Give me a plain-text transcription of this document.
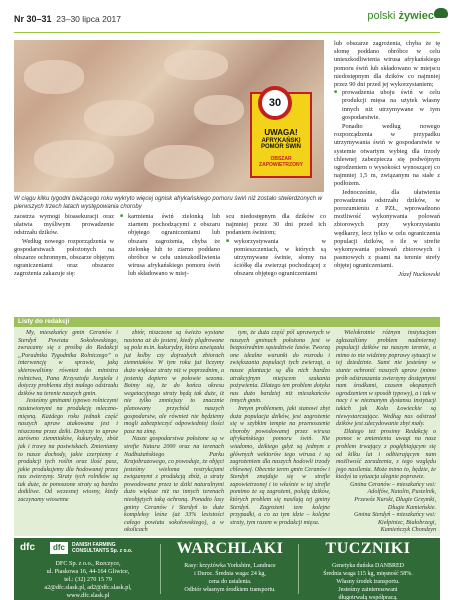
Nr 30–31 23–30 lipca 2017	polski żywiec
30
UWAGA!
AFRYKAŃSKI POMÓR ŚWIŃ
OBSZAR ZAPOWIETRZONY
W ciągu kilku tygodni bieżącego roku wykryto więcej ognisk afrykańskiego pomoru świń niż zostało stwierdzonych w pierwszych trzech latach występowania choroby

lub obszarze zagrożenia, chyba że tę słomę poddano obróbce w celu unieszkodliwienia wirusa afrykańskiego pomoru świń lub składowano w miejscu niedostępnym dla dzików co najmniej przez 90 dni przed jej wykorzystaniem;

■ prowadzenia uboju świń w celu produkcji mięsa na użytek własny innych niż utrzymywane w tym gospodarstwie.

Ponadto według nowego rozporządzenia w przypadku utrzymywania świń w gospodarstwie w systemie otwartym wybieg dla trzody chlewnej zabezpiecza się podwójnym ogrodzeniem o wysokości wynoszącej co najmniej 1,5 m, związanym na stałe z podłożem.

Jednocześnie, dla ułatwienia prowadzenia odstrzału dzików, w porozumieniu z PZŁ, wprowadzono możliwość wykonywania polowań zbiorowych przy wykorzystaniu wędkarzy, lecz tylko w celu ograniczenia populacji dzików, o ile w strefie wykonywania polowań zbiorowych i pasmowych z psami na terenie strefy objętej ograniczeniami.

Józef Nuckowski

zaostrza wymogi bioasekuracji oraz ułatwia myśliwym prowadzenie odstrzału dzików.

Według nowego rozporządzenia w gospodarstwach położonych na obszarze ochronnym, obszarze objętym ograniczeniami oraz obszarze zagrożenia zakazuje się:

■ karmienia świń zielonką lub ziarnem pochodzącymi z obszaru objętego ograniczeniami lub obszaru zagrożenia, chyba że zielonkę lub to ziarno poddano obróbce w celu unieszkodliwienia wirusa afrykańskiego pomoru świń lub składowano w miej-

scu niedostępnym dla dzików co najmniej przez 30 dni przed ich podaniem świniom;

■ wykorzystywania w pomieszczeniach, w których są utrzymywane świnie, słomy na ściółkę dla zwierząt pochodzącej z obszaru objętego ograniczeniami
Listy do redakcji

My, mieszkańcy gmin Ceranów i Sterdyń Powiatu Sokołowskiego, zwracamy się z prośbą do Redakcji „Poradnika Tygodnika Rolniczego” o interwencję w sprawie, jaką skierowaliśmy również do ministra rolnictwa, Pana Krzysztofa Jurgiela i dotyczy problemu zbyt małego odstrzału dzików na terenie naszych gmin.

Jesteśmy gminami typowo rolniczymi nastawionymi na produkcję mleczno-mięsną. Każdego roku jednak część naszych upraw atakowana jest i niszczona przez dziki. Dotyczy to upraw zarówno ziemniaków, kukurydzy, zbóż jak i trawy na pastwiskach. Zmieniamy to nasze dochody, jakie czerpiemy z produkcji tych roślin oraz ilość pasz, jakie produkujemy dla hodowanej przez nas zwierzyny. Straty tych rolników są tak duże, że ponoszone straty są bardzo dotkliwe. Od wczesnej wiosny, kiedy zaczynamy wiosenne

zbiór, niszczone są świeżo wysiane nasiona aż do jesieni, kiedy plądrowane są pola m.in. kukurydzy, która zawiązała już kolby czy dojrzałych zbiorach ziemniaków. W tym roku już liczymy dużo większe straty niż w poprzednim, a jesienią dopiero w połowie sezonu. Boimy się, że do końca okresu wegetacyjnego straty będą tak duże, iż nie tylko zmniejszy to znacznie planowany przychód naszych gospodarstw, ale również nie będziemy mogli zabezpieczyć odpowiedniej ilości pasz na zimę.

Nasze gospodarstwa położone są w strefie Natura 2000 oraz na terenach Nadbużańskiego Parku Krajobrazowego, co powoduje, że objęci jesteśmy wieloma restrykcjami związanymi z produkcją zbóż, a straty powodowane przez te dziki naturalnymi dużo większe niż na innych terenach nieobjętych taką ochroną. Ponadto lasy gminy Ceranów i Sterdyń to duże kompleksy leśne (aż 33% lesistości całego powiatu sokołowskiego), a w okolicach

tym, że duża część pól uprawnych w naszych gminach położona jest w bezpośrednim sąsiedztwie lasów. Tworzą one idealne warunki do rozrodu i zwiększania populacji tych zwierząt, a nasze plantacje są dla nich bardzo atrakcyjnym miejscem szukania pożywienia. Dlatego ten problem dotyka nas dużo bardziej niż mieszkańców innych gmin.

Innym problemem, jaki stanowi zbyt duża populacja dzików, jest zagrożenie się w szybkim tempie na przenoszenie choroby powodowanej przez wirusa afrykańskiego pomoru świń. Nie wiadomo, dzikiego gdyż są jednym z głównych wektorów tego wirusa i są zagrożeniem dla naszych hodowli trzody chlewnej. Obecnie teren gmin Ceranów i Sterdyń znajduje się w strefie zapowietrzonej i to właśnie w tej strefie pomimo że są zagrożeni, polują dzików, których problem się nasilają tej gminy Sterdyń. Zagrożeni tem kolejne przypadki, a co za tym idzie – kolejne straty, tym razem w produkcji mięsa.

Wielokrotnie różnym instytucjom zgłaszaliśmy problem nadmiernej populacji dzików na naszym terenie, a mimo to nie widzimy poprawy sytuacji w tej dziedzinie. Sami nie jesteśmy w stanie ochronić naszych upraw (mimo prób odstraszania zwierzyny dostępnymi nam środkami, czasem okopanych ogrodzeniem w sposób typowy), a i tak w nocy i w nieznanym dystansu instytucji takich jak Koła Łowieckie są niewystarczające. Według nas odstrzał dzików jest zdecydowanie zbyt mały.

Dlatego też prosimy Redakcję o pomoc w zmienieniu uwagi na nasz problem trwający z pogłębiającym się od kilku lat i odbierającym nam możliwość zaradzenia, z tego względu jego nasilenia. Może mimo to, będzie, że kiedyś ta sytuacja ulegnie poprawie.

Gmina Ceranów – mieszkańcy wsi:

Adolfów, Natolin, Pustelnik,

Przewóz Nurski, Długie Grzymki,

Długie Kamieńskie.

Gmina Sterdyń – mieszkańcy wsi:

Kiełpiniec, Białobrzegi,

Kamieńczyk Chondzyn

dfc	dfc	DANISH FARMING CONSULTANTS Sp. z o.o.
DFC Sp. z o.o., Rzeczyce,
ul. Piaskowa 16, 44-164 Gliwice,
tel.: (32) 270 15 79
a2@dfc.slask.pl, ad2@dfc.slask.pl,
www.dfc.slask.pl
WARCHLAKI
Rasy: krzyżówka Yorkshire, Landrace
i Duroc. Średnia waga: 24 kg,
cena do ustalenia.
Odbiór własnym środkiem transportu.
TUCZNIKI
Genetyka duńska DANBRED
Średnia waga 115 kg, mięsność 58%.
Własny środek transportu.
Jesteśmy zainteresowani
długotrwałą współpracą.
